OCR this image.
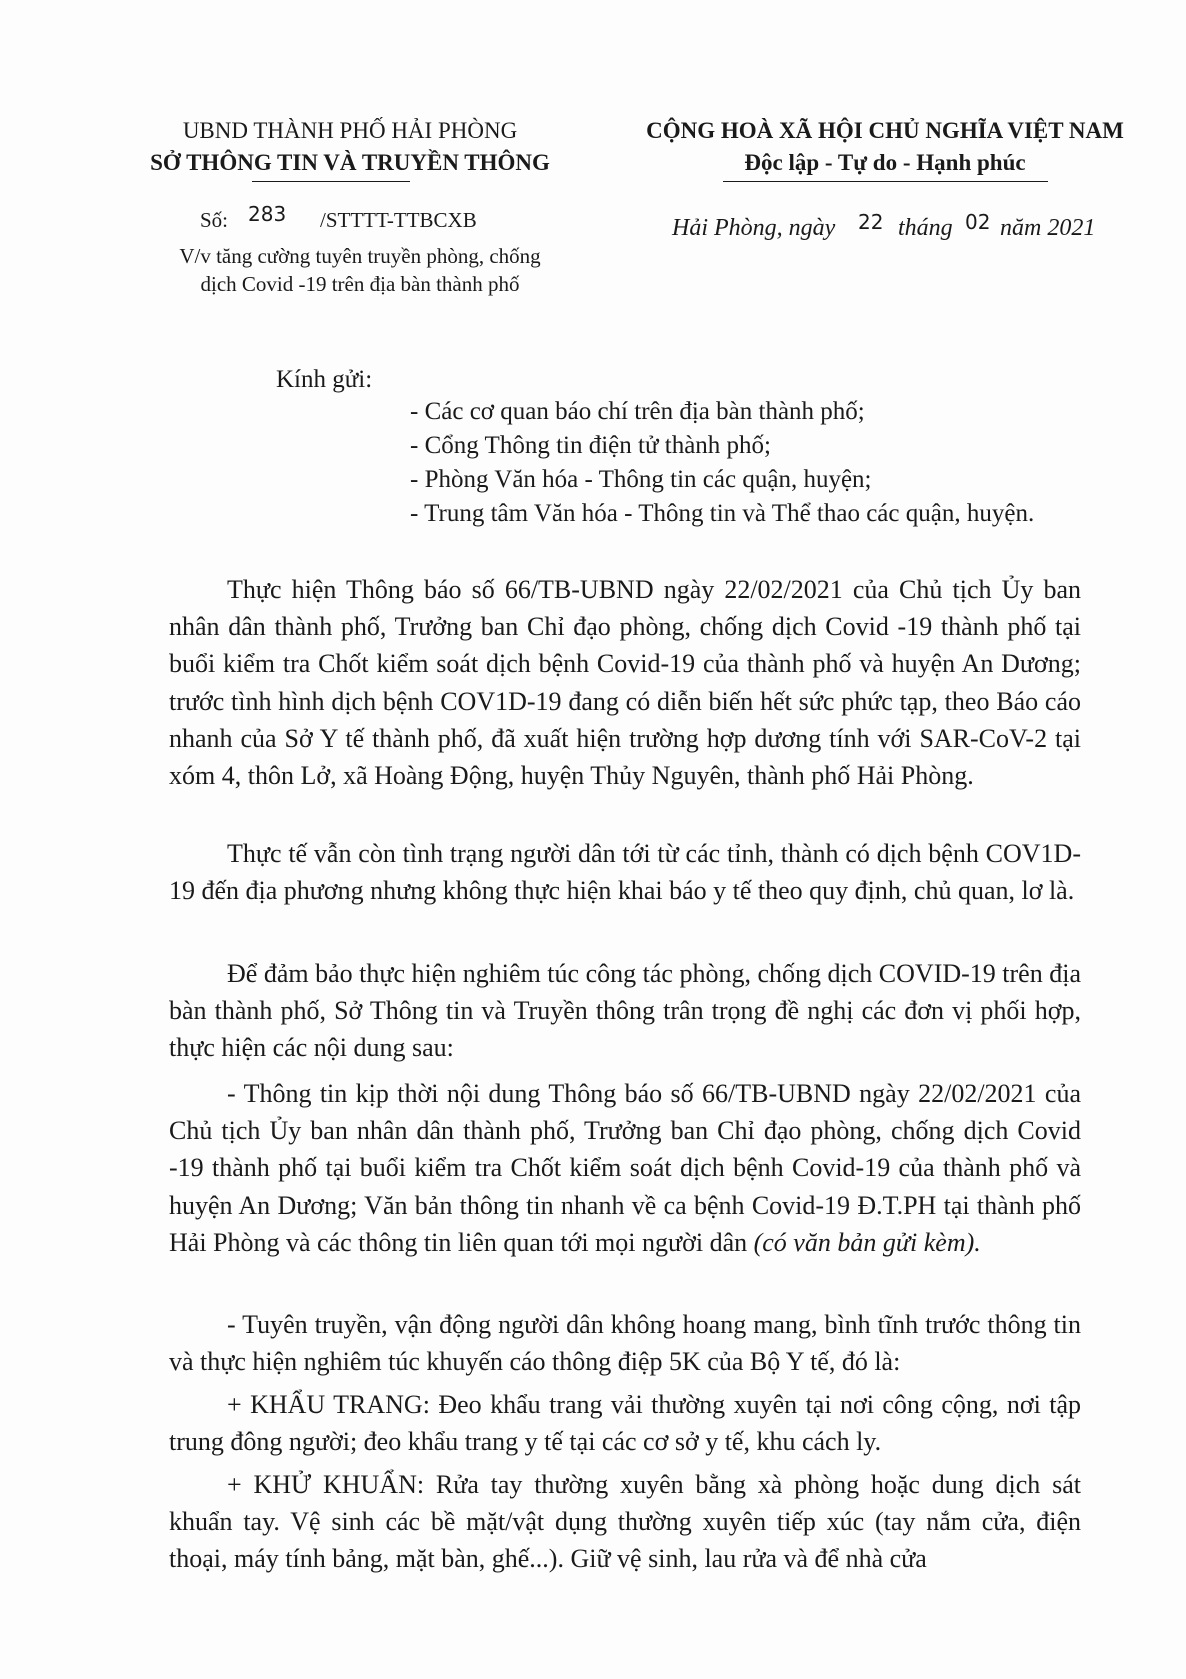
UBND THÀNH PHỐ HẢI PHÒNG
SỞ THÔNG TIN VÀ TRUYỀN THÔNG
Số: 283 /STTTT-TTBCXB
V/v tăng cường tuyên truyền phòng, chống
dịch Covid -19 trên địa bàn thành phố
CỘNG HOÀ XÃ HỘI CHỦ NGHĨA VIỆT NAM
Độc lập - Tự do - Hạnh phúc
Hải Phòng, ngày 22 tháng 02 năm 2021
Kính gửi:
- Các cơ quan báo chí trên địa bàn thành phố;
- Cổng Thông tin điện tử thành phố;
- Phòng Văn hóa - Thông tin các quận, huyện;
- Trung tâm Văn hóa - Thông tin và Thể thao các quận, huyện.
Thực hiện Thông báo số 66/TB-UBND ngày 22/02/2021 của Chủ tịch Ủy ban nhân dân thành phố, Trưởng ban Chỉ đạo phòng, chống dịch Covid -19 thành phố tại buổi kiểm tra Chốt kiểm soát dịch bệnh Covid-19 của thành phố và huyện An Dương; trước tình hình dịch bệnh COV1D-19 đang có diễn biến hết sức phức tạp, theo Báo cáo nhanh của Sở Y tế thành phố, đã xuất hiện trường hợp dương tính với SAR-CoV-2 tại xóm 4, thôn Lở, xã Hoàng Động, huyện Thủy Nguyên, thành phố Hải Phòng.
Thực tế vẫn còn tình trạng người dân tới từ các tỉnh, thành có dịch bệnh COV1D-19 đến địa phương nhưng không thực hiện khai báo y tế theo quy định, chủ quan, lơ là.
Để đảm bảo thực hiện nghiêm túc công tác phòng, chống dịch COVID-19 trên địa bàn thành phố, Sở Thông tin và Truyền thông trân trọng đề nghị các đơn vị phối hợp, thực hiện các nội dung sau:
- Thông tin kịp thời nội dung Thông báo số 66/TB-UBND ngày 22/02/2021 của Chủ tịch Ủy ban nhân dân thành phố, Trưởng ban Chỉ đạo phòng, chống dịch Covid -19 thành phố tại buổi kiểm tra Chốt kiểm soát dịch bệnh Covid-19 của thành phố và huyện An Dương; Văn bản thông tin nhanh về ca bệnh Covid-19 Đ.T.PH tại thành phố Hải Phòng và các thông tin liên quan tới mọi người dân (có văn bản gửi kèm).
- Tuyên truyền, vận động người dân không hoang mang, bình tĩnh trước thông tin và thực hiện nghiêm túc khuyến cáo thông điệp 5K của Bộ Y tế, đó là:
+ KHẨU TRANG: Đeo khẩu trang vải thường xuyên tại nơi công cộng, nơi tập trung đông người; đeo khẩu trang y tế tại các cơ sở y tế, khu cách ly.
+ KHỬ KHUẨN: Rửa tay thường xuyên bằng xà phòng hoặc dung dịch sát khuẩn tay. Vệ sinh các bề mặt/vật dụng thường xuyên tiếp xúc (tay nắm cửa, điện thoại, máy tính bảng, mặt bàn, ghế...). Giữ vệ sinh, lau rửa và để nhà cửa
